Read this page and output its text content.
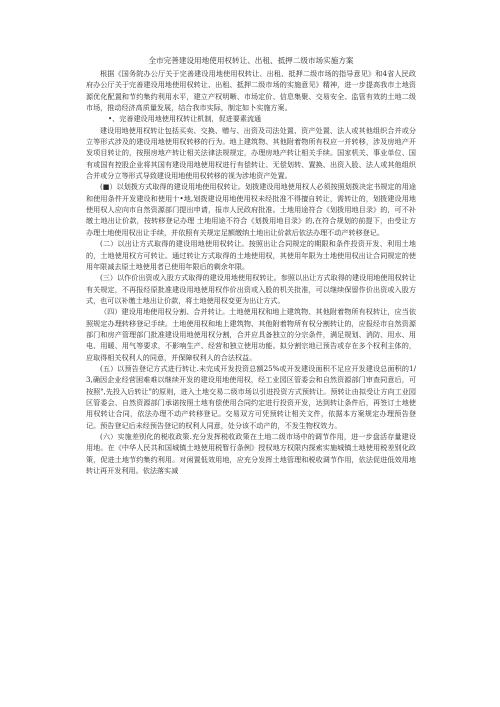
全市完善建设用地使用权转让、出租、抵押二级市场实施方案

根据《国务院办公厅关于完善建设用地使用权转让、出租、抵押二级市场的指导意见》和4省人民政府办公厅关于完善建设用地使用权转让、出租、抵押二级市场的实施意见》精神，进一步提高我市土地资源优化配置和节约集约利用水平，建立产权明晰、市场定价、信息集聚、交易安全、监管有效的土地二级市场，推动经济高质量发展，结合我市实际，制定如卜实施方案。

•、完善建设用地使用权转让机制，促进要素流通

建设用地使用权转让包括买卖、交换、赠与、出资及司法处置、资产处置、法人或其他组织合并或分立等形式涉及的建设用地使用权转移的行为。地上建筑物、其他附着物所有权应一并转移，涉及房地产开发项目转让的，按照房地产转让相关法律法规规定，办理房地产转让相关手续。国家机关、事业单位、国有或国有控股企业将其国有建设用地使用权进行有偿转让、无偿划转、置换、出资入股、法人或其他组织合并或分立等形式导致建设用地使用权转移的视为涉地资产处置。

(■）以划拨方式取得的建设用地使用权转让。划拨建设用地使用权人必须按照划拨决定书规定的用途和使用条件开发建设和使用十•地,划拨建设用地使用权未经批准不得擅自转让，需转让的，划拨建设用地使用权人应向市自然资源部门提出申请，报市人民政府批准。土地用途符合《划拨用地目录》的，可不补缴土地出让价款，按转移登记办理 土地用途不符合《划拨用地目录》的,在符合规划的前提下，由受让方办理土地使用权出让手续，并依照有关规定足额缴纳土地出让价款后依法办理不动产转移登记。

(二）以出让方式取得的建设用地使用权转让。按照出让合同规定的期限和条件投资开发、利用土地的，土地使用权方可转让。通过转让方式取得的土地使用权，其使用年限为土地使用权出让合同规定的使用年限减去原土地使用者已使用年限后的剩余年限。

(三）以作价出资或入股方式取得的建设用地使用权转让。参照以出让方式取得的建设用地使用权转让有关规定，不再报经原批准建设用地使用权作价出资或入股的机关批准，可以继续保留作价出资或入股方式，也可以补缴土地出让价款，将土地使用权变更为出让方式。

（四）建设用地使用权分割、合并转让。土地使用权和地上建筑物、其他附着物所有权转让，应当依照规定办理转移登记手续。土地使用权和地上建筑物、其他附着物所有权分割转让的，应报经市自然资源部门和房产管理部门批准建设用地使用权分割，合并应具备独立的分宗条件，满足规划、消防、用水、用电、用暖、用气等要求，不影响生产、经营和独立使用功能。拟分割宗地已预告或存在多个权利主体的，应取得相关权利人的同意，并保障权利人的合法权益。

(五）以预告登记方式进行转让.未完成开发投资总额25%或开发建设面积不足应开发建设总面积的1/3,确因企业经营困难难以继续开发的建设用地使用权，经工业园区管委会和自然资源部门审查同意后，可按照",先投入后转让"的原则，进入土地交易二级市场以引进投资方式预转让。预转让由拟受让方向工业园区管委会、自然资源部门承诺按照土地有偿使用合同约定进行投资开发，达到转让条件后，再签订土地使用权转让合同，依法办理不动产转移登记。交易双方可凭预转让相关文件，依据本方案规定办理预告登记。预告登记后未经预告登记的权利人同意，处分该不动产的，不发生物权效力。

(六）实施差别化的税收政策.充分发挥税收政策在土地二级市场中的调节作用，进一步盘活存量建设用地。在《中华人民共和国城镇土地使用税暂行条例》授权地方权限内探索实施城镇土地使用税差别化政策，促进土地节约集约利用。对闲置低效用地，应充分发挥土地管理和税收调节作用，依法促进低效用地转让再开发利用。依法落实减
